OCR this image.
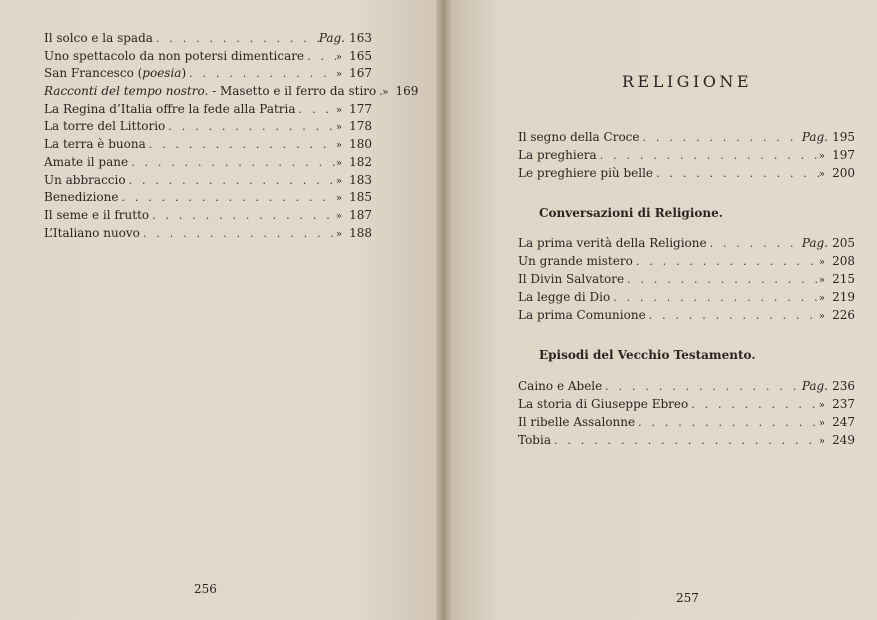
Il solco e la spada . . .	Pag. 163
Uno spettacolo da non potersi dimenticare . . .	» 165
San Francesco (poesia) . . .	» 167
Racconti del tempo nostro. - Masetto e il ferro da stiro . . . » 169
La Regina d’Italia offre la fede alla Patria . . .	» 177
La torre del Littorio . . .	» 178
La terra è buona . . .	» 180
Amate il pane . . .	» 182
Un abbraccio . . .	» 183
Benedizione . . .	» 185
Il seme e il frutto . . .	» 187
L’Italiano nuovo . . .	» 188
256
RELIGIONE
Il segno della Croce . . .	Pag. 195
La preghiera . . .	» 197
Le preghiere più belle . . .	» 200
Conversazioni di Religione.
La prima verità della Religione . . .	Pag. 205
Un grande mistero . . .	» 208
Il Divin Salvatore . . .	» 215
La legge di Dio . . .	» 219
La prima Comunione . . .	» 226
Episodi del Vecchio Testamento.
Caino e Abele . . .	Pag. 236
La storia di Giuseppe Ebreo . . .	» 237
Il ribelle Assalonne . . .	» 247
Tobia . . .	» 249
257
